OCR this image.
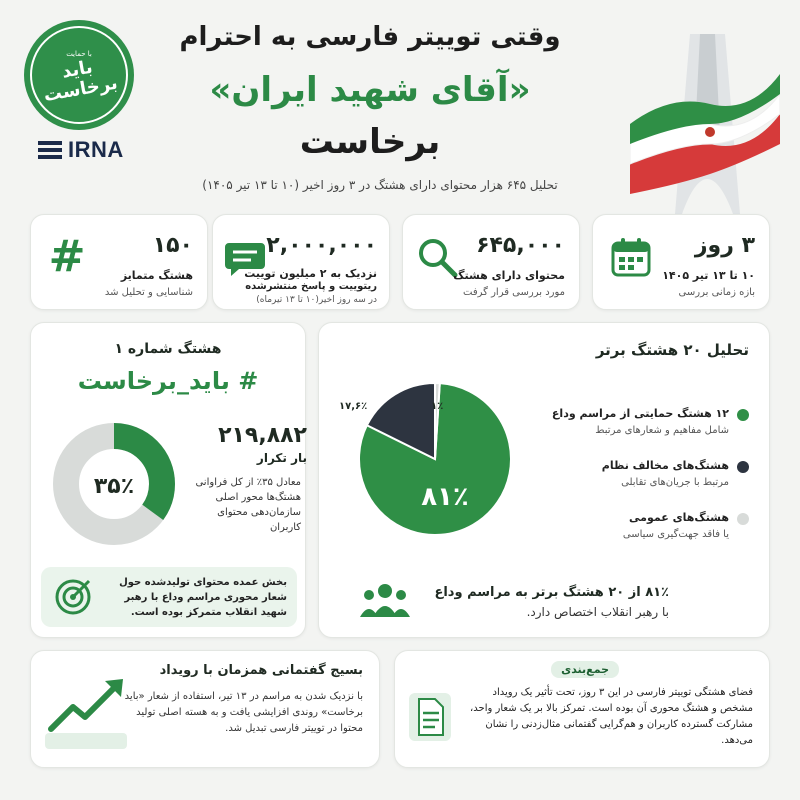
با حمایت
باید برخاست
IRNA
وقتی توییتر فارسی به احترام
«آقای شهید ایران»
برخاست
تحلیل ۶۴۵ هزار محتوای دارای هشتگ در ۳ روز اخیر (۱۰ تا ۱۳ تیر ۱۴۰۵)
۳ روز
۱۰ تا ۱۳ تیر ۱۴۰۵
بازه زمانی بررسی
۶۴۵,۰۰۰
محتوای دارای هشتگ
مورد بررسی قرار گرفت
۲,۰۰۰,۰۰۰
نزدیک به ۲ میلیون توییت
ریتوییت و پاسخ منتشرشده
در سه روز اخیر(۱۰ تا ۱۳ تیرماه)
#	۱۵۰
هشتگ متمایز
شناسایی و تحلیل شد
هشتگ شماره ۱
# باید_برخاست
۳۵٪
۲۱۹,۸۸۲
بار تکرار
معادل ۳۵٪ از کل فراوانی هشتگ‌ها محور اصلی سازمان‌دهی محتوای کاربران
بخش عمده محتوای تولیدشده حول شعار محوری مراسم وداع با رهبر شهید انقلاب متمرکز بوده است.
تحلیل ۲۰ هشتگ برتر
۸۱٪
۱۷,۶٪	۱٪
۱۲ هشتگ حمایتی از مراسم وداع
شامل مفاهیم و شعارهای مرتبط
هشتگ‌های مخالف نظام
مرتبط با جریان‌های تقابلی
هشتگ‌های عمومی
یا فاقد جهت‌گیری سیاسی
۸۱٪ از ۲۰ هشتگ برتر به مراسم وداع
با رهبر انقلاب اختصاص دارد.
بسیج گفتمانی همزمان با رویداد
با نزدیک شدن به مراسم در ۱۳ تیر، استفاده از شعار «باید برخاست» روندی افزایشی یافت و به هسته اصلی تولید محتوا در توییتر فارسی تبدیل شد.
جمع‌بندی
فضای هشتگی توییتر فارسی در این ۳ روز، تحت تأثیر یک رویداد مشخص و هشتگ محوری آن بوده است. تمرکز بالا بر یک شعار واحد، مشارکت گسترده کاربران و هم‌گرایی گفتمانی مثال‌زدنی را نشان می‌دهد.
